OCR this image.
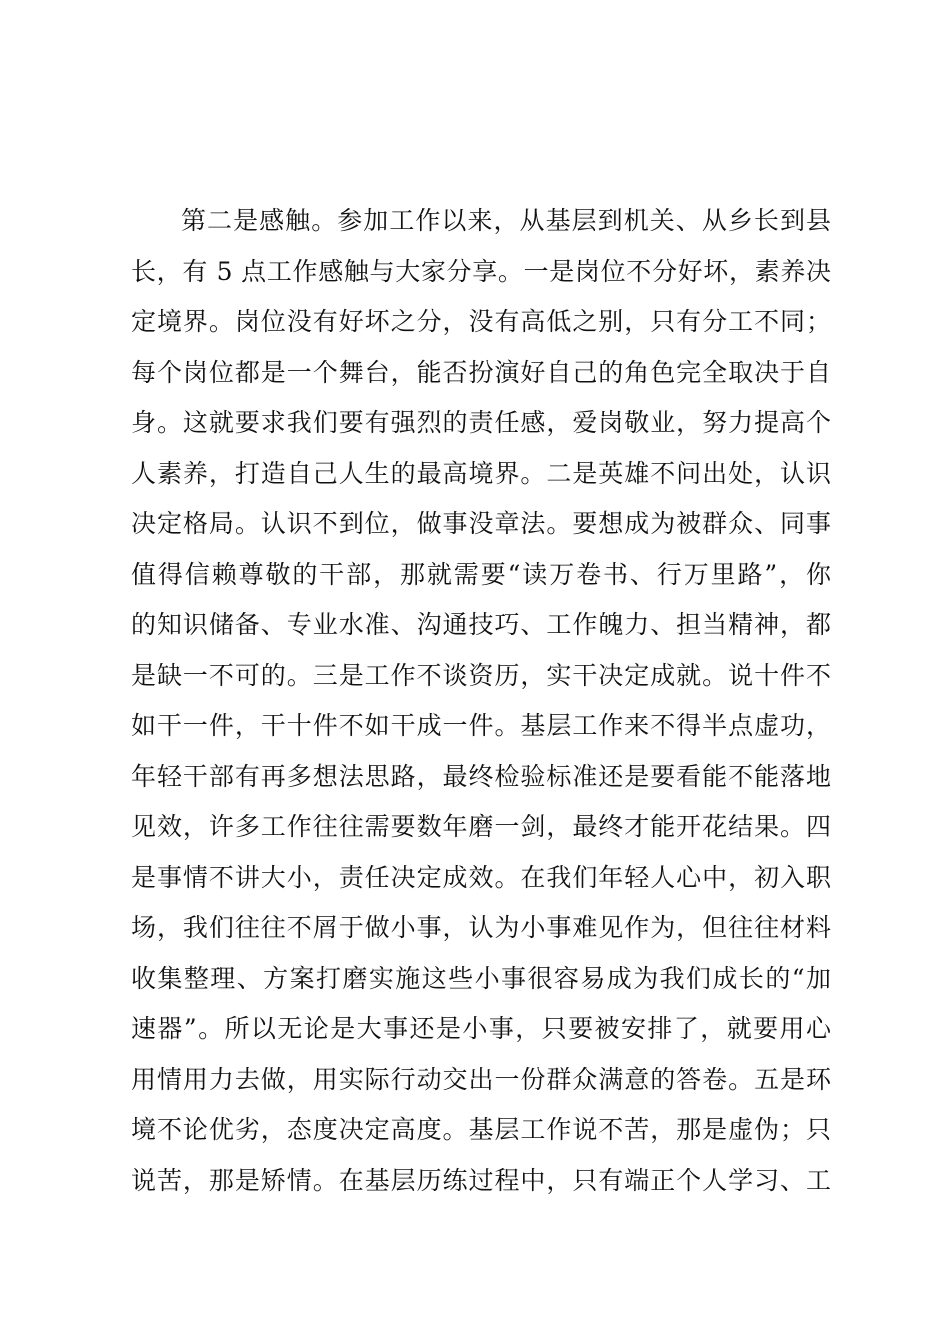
第二是感触。参加工作以来，从基层到机关、从乡长到县
长，有 5 点工作感触与大家分享。一是岗位不分好坏，素养决
定境界。岗位没有好坏之分，没有高低之别，只有分工不同；
每个岗位都是一个舞台，能否扮演好自己的角色完全取决于自
身。这就要求我们要有强烈的责任感，爱岗敬业，努力提高个
人素养，打造自己人生的最高境界。二是英雄不问出处，认识
决定格局。认识不到位，做事没章法。要想成为被群众、同事
值得信赖尊敬的干部，那就需要“读万卷书、行万里路”，你
的知识储备、专业水准、沟通技巧、工作魄力、担当精神，都
是缺一不可的。三是工作不谈资历，实干决定成就。说十件不
如干一件，干十件不如干成一件。基层工作来不得半点虚功，
年轻干部有再多想法思路，最终检验标准还是要看能不能落地
见效，许多工作往往需要数年磨一剑，最终才能开花结果。四
是事情不讲大小，责任决定成效。在我们年轻人心中，初入职
场，我们往往不屑于做小事，认为小事难见作为，但往往材料
收集整理、方案打磨实施这些小事很容易成为我们成长的“加
速器”。所以无论是大事还是小事，只要被安排了，就要用心
用情用力去做，用实际行动交出一份群众满意的答卷。五是环
境不论优劣，态度决定高度。基层工作说不苦，那是虚伪；只
说苦，那是矫情。在基层历练过程中，只有端正个人学习、工
